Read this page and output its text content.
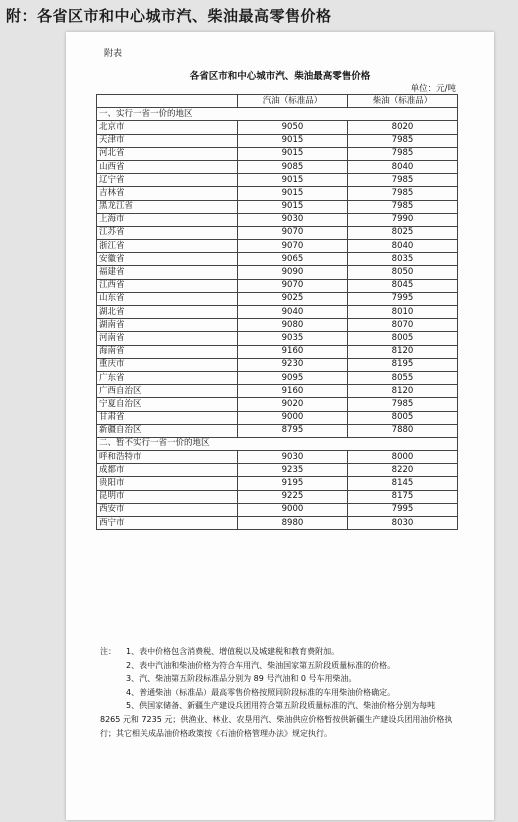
附：各省区市和中心城市汽、柴油最高零售价格
附表
各省区市和中心城市汽、柴油最高零售价格
单位：元/吨
	汽油（标准品）	柴油（标准品）
一、实行一省一价的地区		
北京市	9050	8020
天津市	9015	7985
河北省	9015	7985
山西省	9085	8040
辽宁省	9015	7985
吉林省	9015	7985
黑龙江省	9015	7985
上海市	9030	7990
江苏省	9070	8025
浙江省	9070	8040
安徽省	9065	8035
福建省	9090	8050
江西省	9070	8045
山东省	9025	7995
湖北省	9040	8010
湖南省	9080	8070
河南省	9035	8005
海南省	9160	8120
重庆市	9230	8195
广东省	9095	8055
广西自治区	9160	8120
宁夏自治区	9020	7985
甘肃省	9000	8005
新疆自治区	8795	7880
二、暂不实行一省一价的地区		
呼和浩特市	9030	8000
成都市	9235	8220
贵阳市	9195	8145
昆明市	9225	8175
西安市	9000	7995
西宁市	8980	8030
注：	1、表中价格包含消费税、增值税以及城建税和教育费附加。
2、表中汽油和柴油价格为符合车用汽、柴油国家第五阶段质量标准的价格。
3、汽、柴油第五阶段标准品分别为 89 号汽油和 0 号车用柴油。
4、普通柴油（标准品）最高零售价格按照同阶段标准的车用柴油价格确定。
5、供国家储备、新疆生产建设兵团用符合第五阶段质量标准的汽、柴油价格分别为每吨 8265 元和 7235 元；供渔业、林业、农垦用汽、柴油供应价格暂按供新疆生产建设兵团用油价格执行；其它相关成品油价格政策按《石油价格管理办法》规定执行。
